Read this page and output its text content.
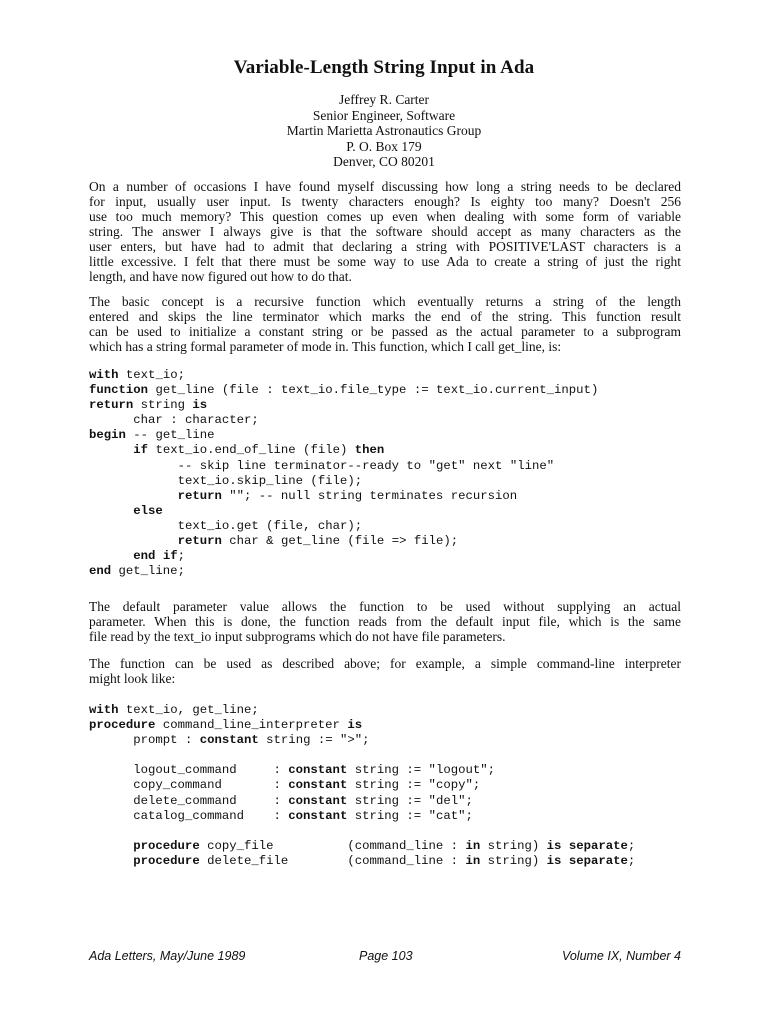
Variable-Length String Input in Ada
Jeffrey R. Carter
Senior Engineer, Software
Martin Marietta Astronautics Group
P. O. Box 179
Denver, CO 80201
On a number of occasions I have found myself discussing how long a string needs to be declared
for input, usually user input. Is twenty characters enough? Is eighty too many? Doesn't 256
use too much memory? This question comes up even when dealing with some form of variable
string. The answer I always give is that the software should accept as many characters as the
user enters, but have had to admit that declaring a string with POSITIVE'LAST characters is a
little excessive. I felt that there must be some way to use Ada to create a string of just the right
length, and have now figured out how to do that.
The basic concept is a recursive function which eventually returns a string of the length
entered and skips the line terminator which marks the end of the string. This function result
can be used to initialize a constant string or be passed as the actual parameter to a subprogram
which has a string formal parameter of mode in. This function, which I call get_line, is:
with text_io;
function get_line (file : text_io.file_type := text_io.current_input)
return string is
char : character;
begin -- get_line
if text_io.end_of_line (file) then
-- skip line terminator--ready to "get" next "line"
text_io.skip_line (file);
return ""; -- null string terminates recursion
else
text_io.get (file, char);
return char & get_line (file => file);
end if;
end get_line;
The default parameter value allows the function to be used without supplying an actual
parameter. When this is done, the function reads from the default input file, which is the same
file read by the text_io input subprograms which do not have file parameters.
The function can be used as described above; for example, a simple command-line interpreter
might look like:
with text_io, get_line;
procedure command_line_interpreter is
prompt : constant string := ">";

logout_command	: constant string := "logout";
copy_command	: constant string := "copy";
delete_command	: constant string := "del";
catalog_command : constant string := "cat";

procedure copy_file	(command_line : in string) is separate;
procedure delete_file	(command_line : in string) is separate;
Ada Letters, May/June 1989	Page 103	Volume IX, Number 4
